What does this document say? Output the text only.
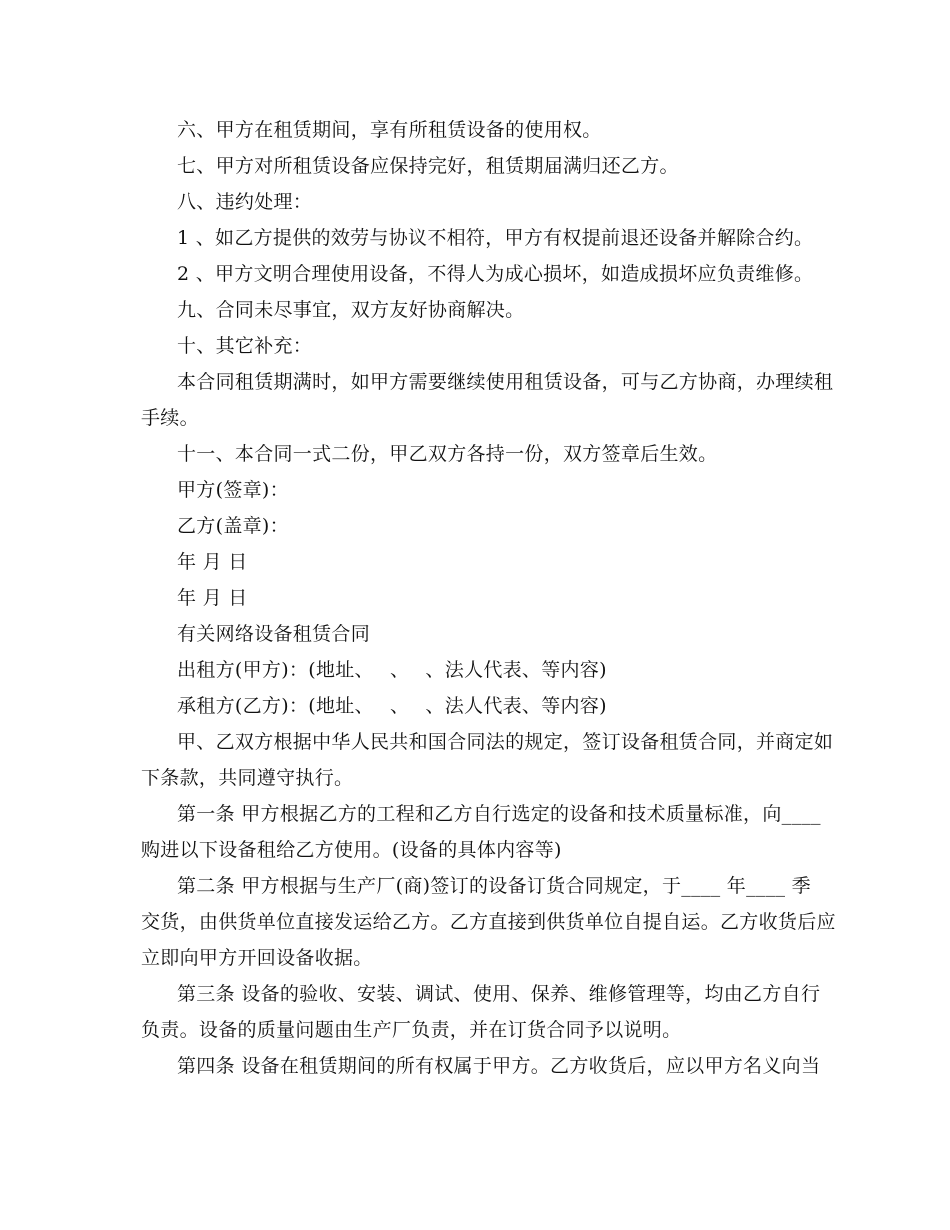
六、甲方在租赁期间，享有所租赁设备的使用权。

七、甲方对所租赁设备应保持完好，租赁期届满归还乙方。

八、违约处理：

1 、如乙方提供的效劳与协议不相符，甲方有权提前退还设备并解除合约。

2 、甲方文明合理使用设备，不得人为成心损坏，如造成损坏应负责维修。

九、合同未尽事宜，双方友好协商解决。

十、其它补充：

本合同租赁期满时，如甲方需要继续使用租赁设备，可与乙方协商，办理续租

手续。

十一、本合同一式二份，甲乙双方各持一份，双方签章后生效。

甲方(签章)：

乙方(盖章)：

年 月 日

年 月 日

有关网络设备租赁合同

出租方(甲方)：(地址、　 、　 、法人代表、等内容)

承租方(乙方)：(地址、　 、　 、法人代表、等内容)

甲、乙双方根据中华人民共和国合同法的规定，签订设备租赁合同，并商定如

下条款，共同遵守执行。

第一条 甲方根据乙方的工程和乙方自行选定的设备和技术质量标准，向____

购进以下设备租给乙方使用。(设备的具体内容等)

第二条 甲方根据与生产厂(商)签订的设备订货合同规定，于____ 年____ 季

交货，由供货单位直接发运给乙方。乙方直接到供货单位自提自运。乙方收货后应

立即向甲方开回设备收据。

第三条 设备的验收、安装、调试、使用、保养、维修管理等，均由乙方自行

负责。设备的质量问题由生产厂负责，并在订货合同予以说明。

第四条 设备在租赁期间的所有权属于甲方。乙方收货后，应以甲方名义向当
